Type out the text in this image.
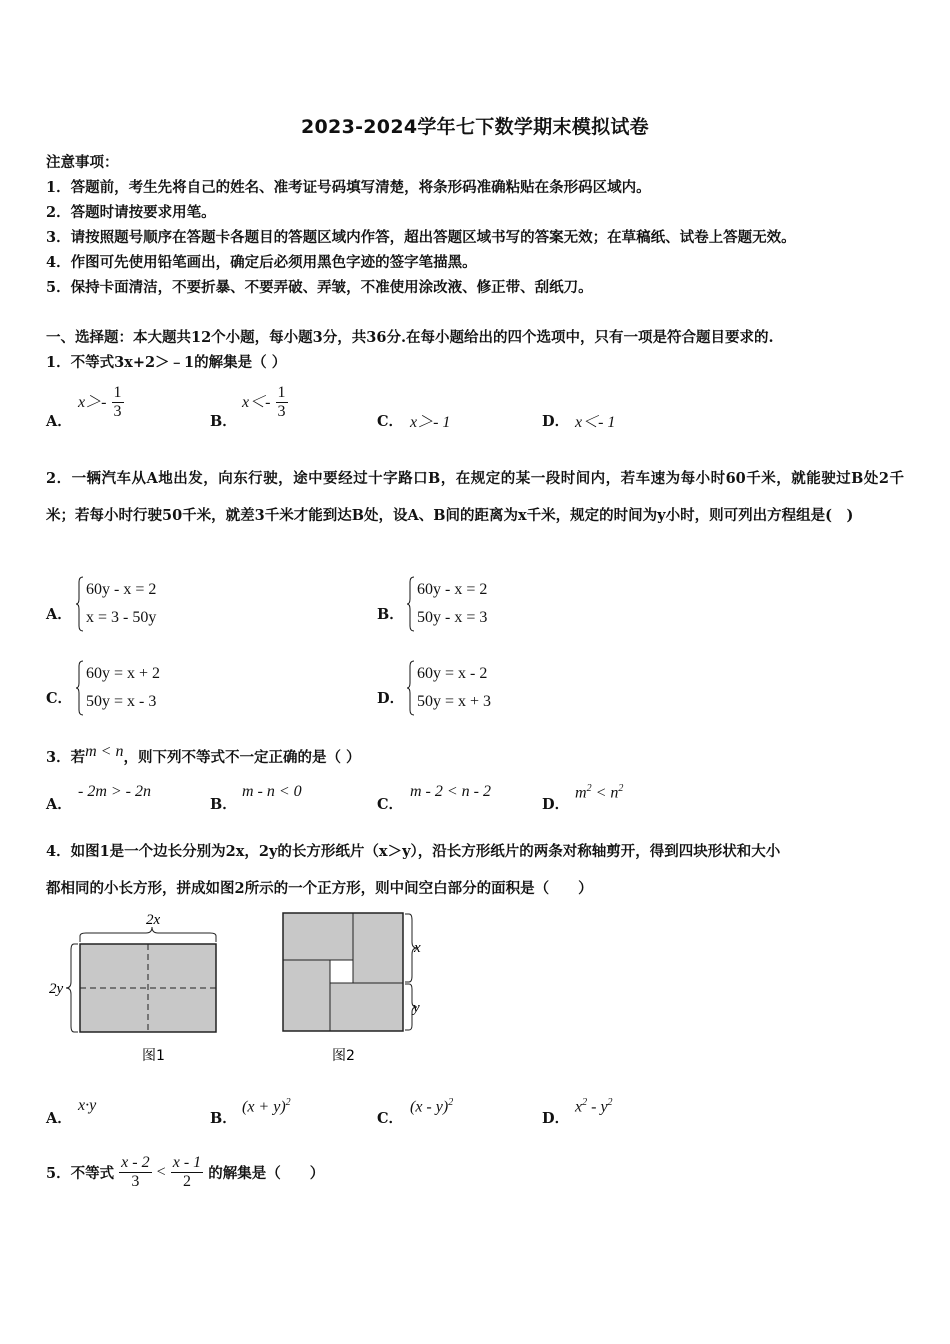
2023-2024学年七下数学期末模拟试卷
注意事项：
1．答题前，考生先将自己的姓名、准考证号码填写清楚，将条形码准确粘贴在条形码区域内。
2．答题时请按要求用笔。
3．请按照题号顺序在答题卡各题目的答题区域内作答，超出答题区域书写的答案无效；在草稿纸、试卷上答题无效。
4．作图可先使用铅笔画出，确定后必须用黑色字迹的签字笔描黑。
5．保持卡面清洁，不要折暴、不要弄破、弄皱，不准使用涂改液、修正带、刮纸刀。
一、选择题：本大题共12个小题，每小题3分，共36分.在每小题给出的四个选项中，只有一项是符合题目要求的.
1．不等式3x+2＞﹣1的解集是（ ）
A．
$x>- \frac{1}{3}$
B．
$x<- \frac{1}{3}$
C． x＞- 1	D． x＜- 1
2．一辆汽车从A地出发，向东行驶，途中要经过十字路口B，在规定的某一段时间内，若车速为每小时60千米，就能驶过B处2千米；若每小时行驶50千米，就差3千米才能到达B处，设A、B间的距离为x千米，规定的时间为y小时，则可列出方程组是(　)
A．
60y - x = 2
x = 3 - 50y	B．
60y - x = 2
50y - x = 3
C．
60y = x + 2
50y = x - 3	D．
60y = x - 2
50y = x + 3
3．若m < n，则下列不等式不一定正确的是（ ）
A．
- 2m > - 2n
B．
m - n < 0
C．
m - 2 < n - 2
D．
$m^2 < n^2$
4．如图1是一个边长分别为2x，2y的长方形纸片（x＞y），沿长方形纸片的两条对称轴剪开，得到四块形状和大小
都相同的小长方形，拼成如图2所示的一个正方形，则中间空白部分的面积是（　　）
2x
2y
图1
x
y
图2
A．
x·y
B．
$(x + y)^2$
C．
(x - y)$^2$
D．
$x^2 - y^2$
5．不等式 $\frac{x - 2}{3} < \frac{x - 1}{2}$ 的解集是（　　）
